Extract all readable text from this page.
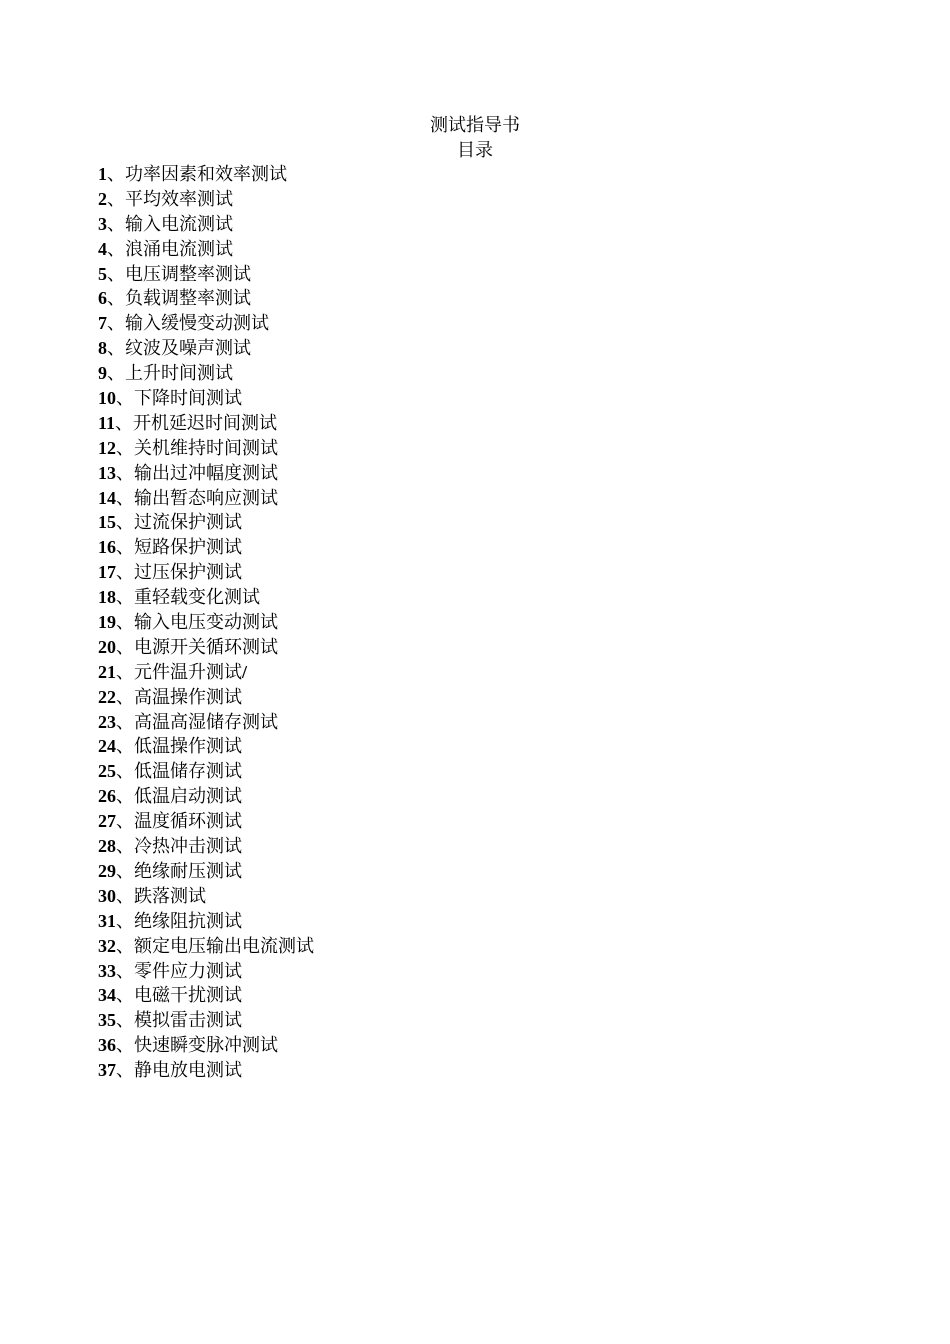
测试指导书
目录
1、功率因素和效率测试
2、平均效率测试
3、输入电流测试
4、浪涌电流测试
5、电压调整率测试
6、负载调整率测试
7、输入缓慢变动测试
8、纹波及噪声测试
9、上升时间测试
10、下降时间测试
11、开机延迟时间测试
12、关机维持时间测试
13、输出过冲幅度测试
14、输出暂态响应测试
15、过流保护测试
16、短路保护测试
17、过压保护测试
18、重轻载变化测试
19、输入电压变动测试
20、电源开关循环测试
21、元件温升测试/
22、高温操作测试
23、高温高湿储存测试
24、低温操作测试
25、低温储存测试
26、低温启动测试
27、温度循环测试
28、冷热冲击测试
29、绝缘耐压测试
30、跌落测试
31、绝缘阻抗测试
32、额定电压输出电流测试
33、零件应力测试
34、电磁干扰测试
35、模拟雷击测试
36、快速瞬变脉冲测试
37、静电放电测试
